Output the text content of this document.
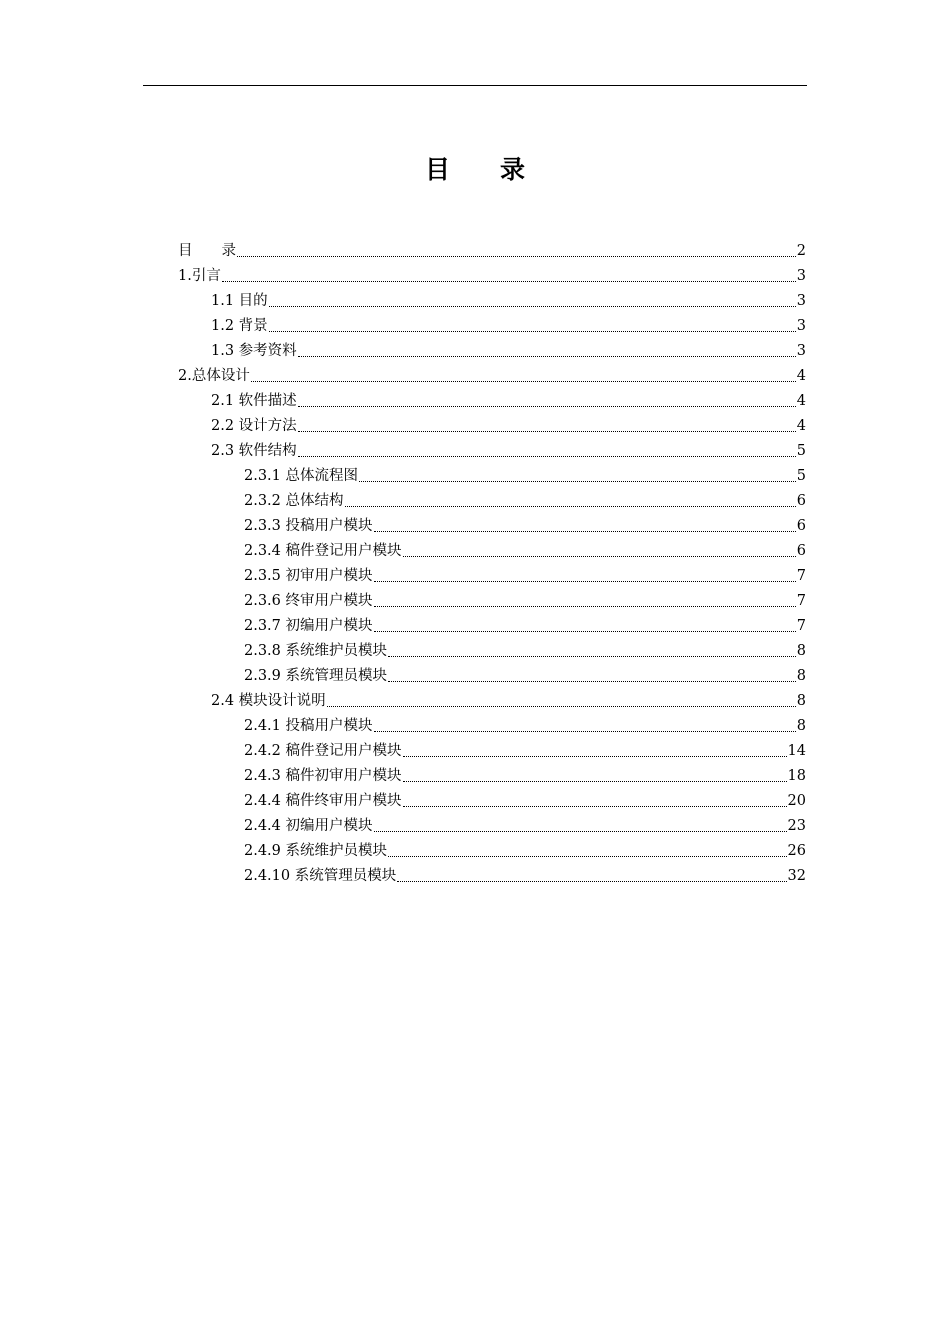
目　　录
目　　录	2
1.引言	3
1.1 目的	3
1.2 背景	3
1.3 参考资料	3
2.总体设计	4
2.1 软件描述	4
2.2 设计方法	4
2.3 软件结构	5
2.3.1 总体流程图	5
2.3.2 总体结构	6
2.3.3 投稿用户模块	6
2.3.4 稿件登记用户模块	6
2.3.5 初审用户模块	7
2.3.6 终审用户模块	7
2.3.7 初编用户模块	7
2.3.8 系统维护员模块	8
2.3.9 系统管理员模块	8
2.4 模块设计说明	8
2.4.1 投稿用户模块	8
2.4.2 稿件登记用户模块	14
2.4.3 稿件初审用户模块	18
2.4.4 稿件终审用户模块	20
2.4.4 初编用户模块	23
2.4.9 系统维护员模块	26
2.4.10 系统管理员模块	32
